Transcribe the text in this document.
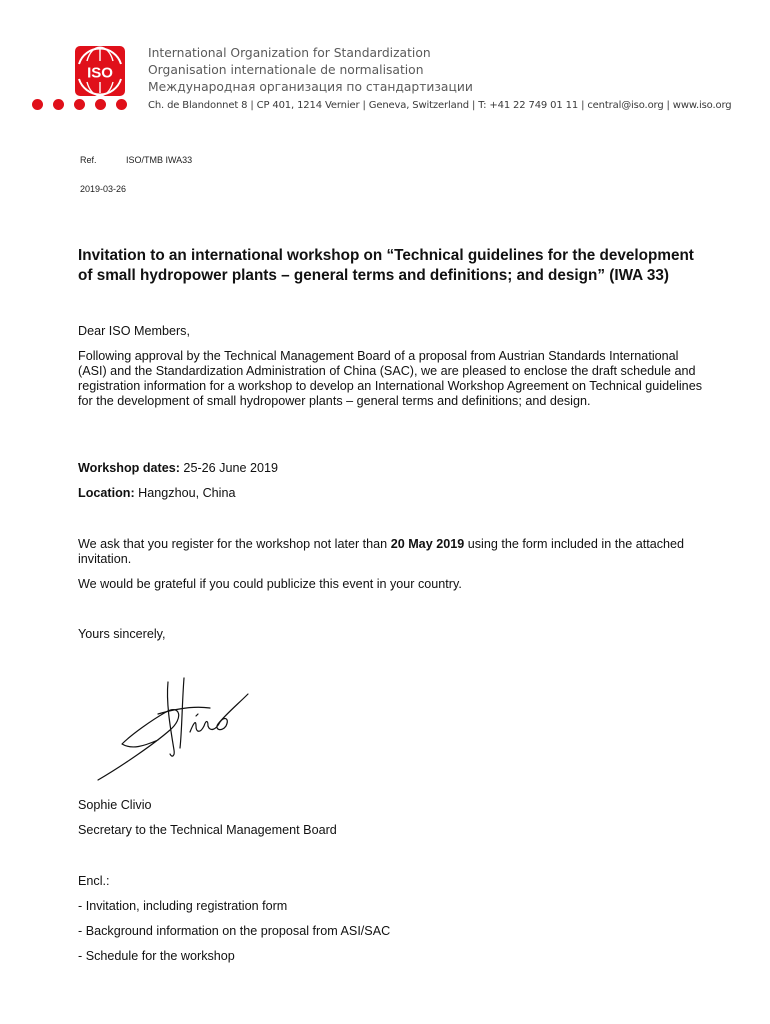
ISO
International Organization for Standardization
Organisation internationale de normalisation
Международная организация по стандартизации
Ch. de Blandonnet 8 | CP 401, 1214 Vernier | Geneva, Switzerland | T: +41 22 749 01 11 | central@iso.org | www.iso.org
Ref.	ISO/TMB IWA33
2019-03-26
Invitation to an international workshop on “Technical guidelines for the development of small hydropower plants – general terms and definitions; and design” (IWA 33)
Dear ISO Members,
Following approval by the Technical Management Board of a proposal from Austrian Standards International (ASI) and the Standardization Administration of China (SAC), we are pleased to enclose the draft schedule and registration information for a workshop to develop an International Workshop Agreement on Technical guidelines for the development of small hydropower plants – general terms and definitions; and design.
Workshop dates: 25-26 June 2019
Location: Hangzhou, China
We ask that you register for the workshop not later than 20 May 2019 using the form included in the attached invitation.
We would be grateful if you could publicize this event in your country.
Yours sincerely,
Sophie Clivio
Secretary to the Technical Management Board
Encl.:
- Invitation, including registration form
- Background information on the proposal from ASI/SAC
- Schedule for the workshop
